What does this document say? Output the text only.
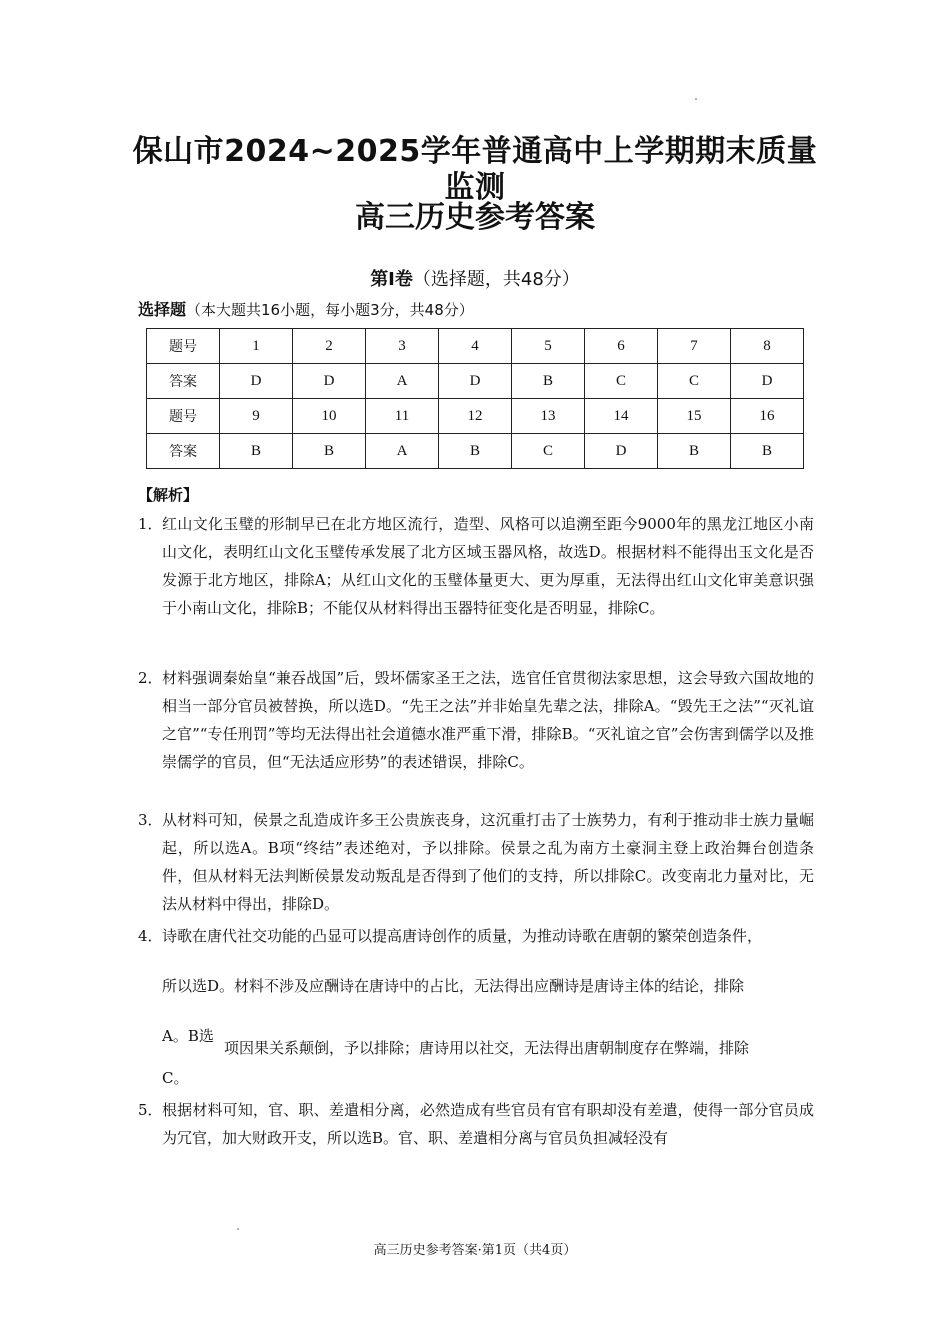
保山市2024~2025学年普通高中上学期期末质量监测
高三历史参考答案
第Ⅰ卷（选择题，共48分）
选择题（本大题共16小题，每小题3分，共48分）
题号	1	2	3	4	5	6	7	8
答案	D	D	A	D	B	C	C	D
题号	9	10	11	12	13	14	15	16
答案	B	B	A	B	C	D	B	B
【解析】
1． 红山文化玉璧的形制早已在北方地区流行，造型、风格可以追溯至距今9000年的黑龙江地区小南山文化，表明红山文化玉璧传承发展了北方区域玉器风格，故选D。根据材料不能得出玉文化是否发源于北方地区，排除A；从红山文化的玉璧体量更大、更为厚重，无法得出红山文化审美意识强于小南山文化，排除B；不能仅从材料得出玉器特征变化是否明显，排除C。
2． 材料强调秦始皇“兼吞战国”后，毁坏儒家圣王之法，选官任官贯彻法家思想，这会导致六国故地的相当一部分官员被替换，所以选D。“先王之法”并非始皇先辈之法，排除A。“毁先王之法”“灭礼谊之官”“专任刑罚”等均无法得出社会道德水准严重下滑，排除B。“灭礼谊之官”会伤害到儒学以及推崇儒学的官员，但“无法适应形势”的表述错误，排除C。
3． 从材料可知，侯景之乱造成许多王公贵族丧身，这沉重打击了士族势力，有利于推动非士族力量崛起，所以选A。B项“终结”表述绝对，予以排除。侯景之乱为南方土豪洞主登上政治舞台创造条件，但从材料无法判断侯景发动叛乱是否得到了他们的支持，所以排除C。改变南北力量对比，无法从材料中得出，排除D。
4． 诗歌在唐代社交功能的凸显可以提高唐诗创作的质量，为推动诗歌在唐朝的繁荣创造条件，
所以选D。材料不涉及应酬诗在唐诗中的占比，无法得出应酬诗是唐诗主体的结论，排除
A。B选
项因果关系颠倒，予以排除；唐诗用以社交，无法得出唐朝制度存在弊端，排除
C。
5． 根据材料可知，官、职、差遣相分离，必然造成有些官员有官有职却没有差遣，使得一部分官员成为冗官，加大财政开支，所以选B。官、职、差遣相分离与官员负担减轻没有
高三历史参考答案·第1页（共4页）
